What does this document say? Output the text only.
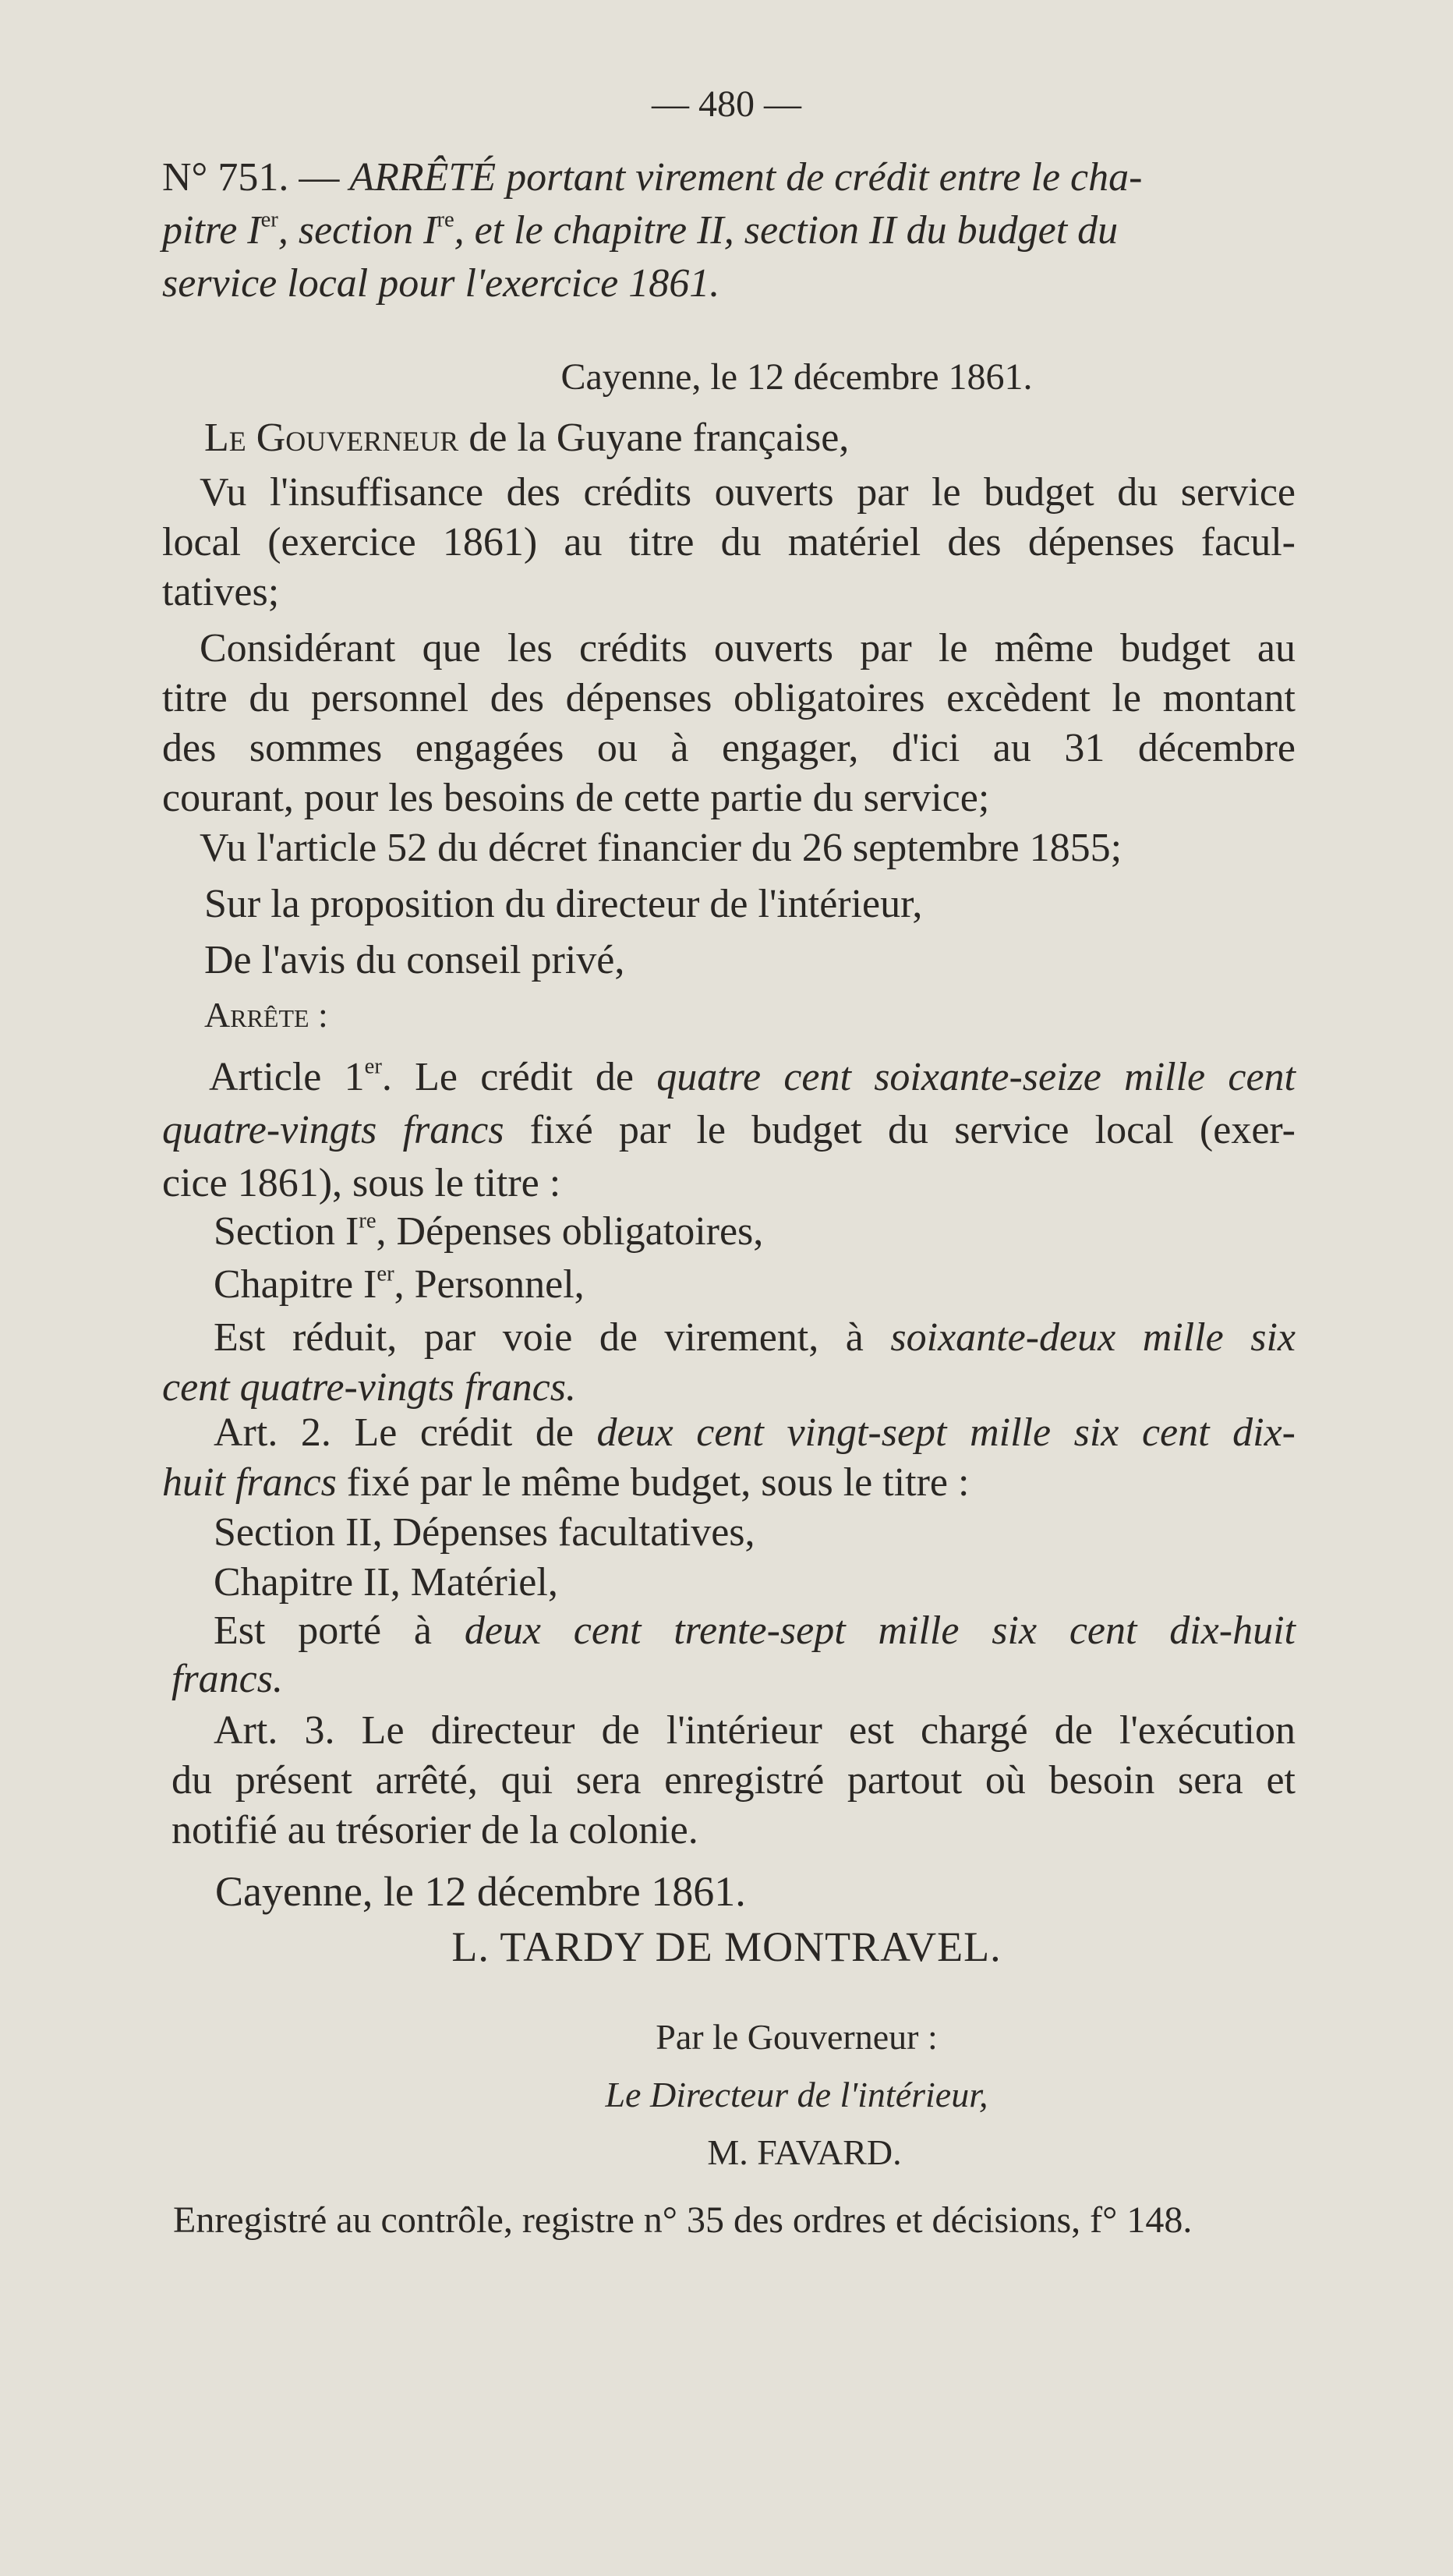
— 480 —
N° 751. — ARRÊTÉ portant virement de crédit entre le cha-
pitre Ier, section Ire, et le chapitre II, section II du budget du
service local pour l'exercice 1861.
Cayenne, le 12 décembre 1861.
Le Gouverneur de la Guyane française,
Vu l'insuffisance des crédits ouverts par le budget du service
local (exercice 1861) au titre du matériel des dépenses facul-
tatives;
Considérant que les crédits ouverts par le même budget au
titre du personnel des dépenses obligatoires excèdent le montant
des sommes engagées ou à engager, d'ici au 31 décembre
courant, pour les besoins de cette partie du service;
Vu l'article 52 du décret financier du 26 septembre 1855;
Sur la proposition du directeur de l'intérieur,
De l'avis du conseil privé,
Arrête :
Article 1er. Le crédit de quatre cent soixante-seize mille cent
quatre-vingts francs fixé par le budget du service local (exer-
cice 1861), sous le titre :
Section Ire, Dépenses obligatoires,
Chapitre Ier, Personnel,
Est réduit, par voie de virement, à soixante-deux mille six
cent quatre-vingts francs.
Art. 2. Le crédit de deux cent vingt-sept mille six cent dix-
huit francs fixé par le même budget, sous le titre :
Section II, Dépenses facultatives,
Chapitre II, Matériel,
Est porté à deux cent trente-sept mille six cent dix-huit
francs.
Art. 3. Le directeur de l'intérieur est chargé de l'exécution
du présent arrêté, qui sera enregistré partout où besoin sera et
notifié au trésorier de la colonie.
Cayenne, le 12 décembre 1861.
L. TARDY DE MONTRAVEL.
Par le Gouverneur :
Le Directeur de l'intérieur,
M. FAVARD.
Enregistré au contrôle, registre n° 35 des ordres et décisions, f° 148.
